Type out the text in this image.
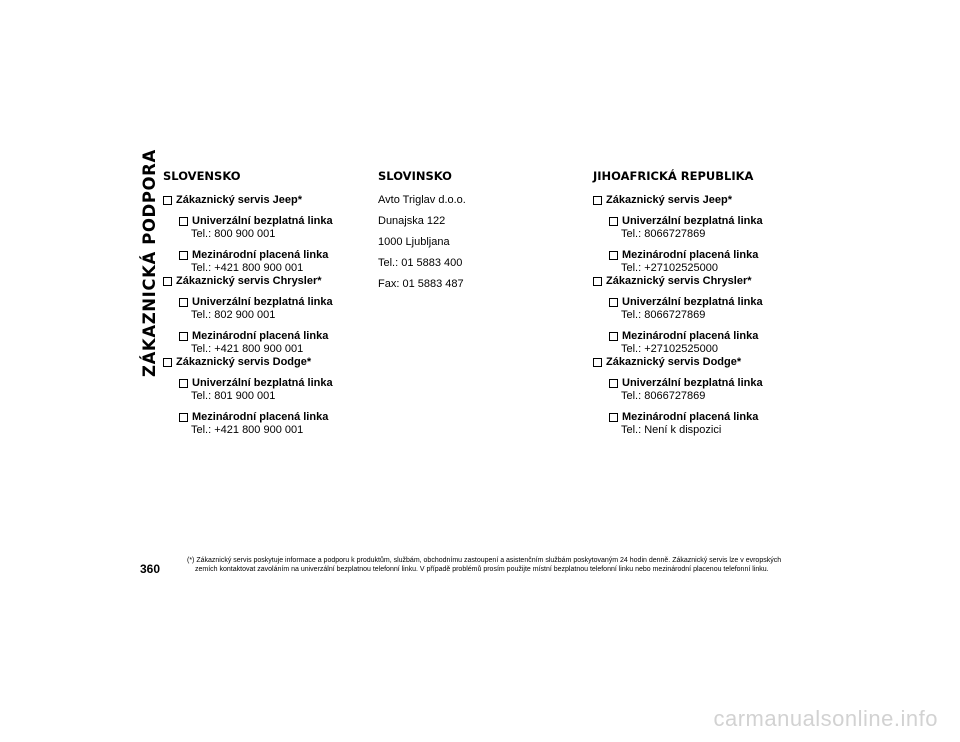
ZÁKAZNICKÁ PODPORA SLOVENSKO
Zákaznický servis Jeep*
Univerzální bezplatná linka
Tel.: 800 900 001
Mezinárodní placená linka
Tel.: +421 800 900 001
Zákaznický servis Chrysler*
Univerzální bezplatná linka
Tel.: 802 900 001
Mezinárodní placená linka
Tel.: +421 800 900 001
Zákaznický servis Dodge*
Univerzální bezplatná linka
Tel.: 801 900 001
Mezinárodní placená linka
Tel.: +421 800 900 001
SLOVINSKO
Avto Triglav d.o.o.
Dunajska 122
1000 Ljubljana
Tel.: 01 5883 400
Fax: 01 5883 487
JIHOAFRICKÁ REPUBLIKA
Zákaznický servis Jeep*
Univerzální bezplatná linka
Tel.: 8066727869
Mezinárodní placená linka
Tel.: +27102525000
Zákaznický servis Chrysler*
Univerzální bezplatná linka
Tel.: 8066727869
Mezinárodní placená linka
Tel.: +27102525000
Zákaznický servis Dodge*
Univerzální bezplatná linka
Tel.: 8066727869
Mezinárodní placená linka
Tel.: Není k dispozici
360
(*) Zákaznický servis poskytuje informace a podporu k produktům, službám, obchodnímu zastoupení a asistenčním službám poskytovaným 24 hodin denně. Zákaznický servis lze v evropských
zemích kontaktovat zavoláním na univerzální bezplatnou telefonní linku. V případě problémů prosím použijte místní bezplatnou telefonní linku nebo mezinárodní placenou telefonní linku.
carmanualsonline.info
